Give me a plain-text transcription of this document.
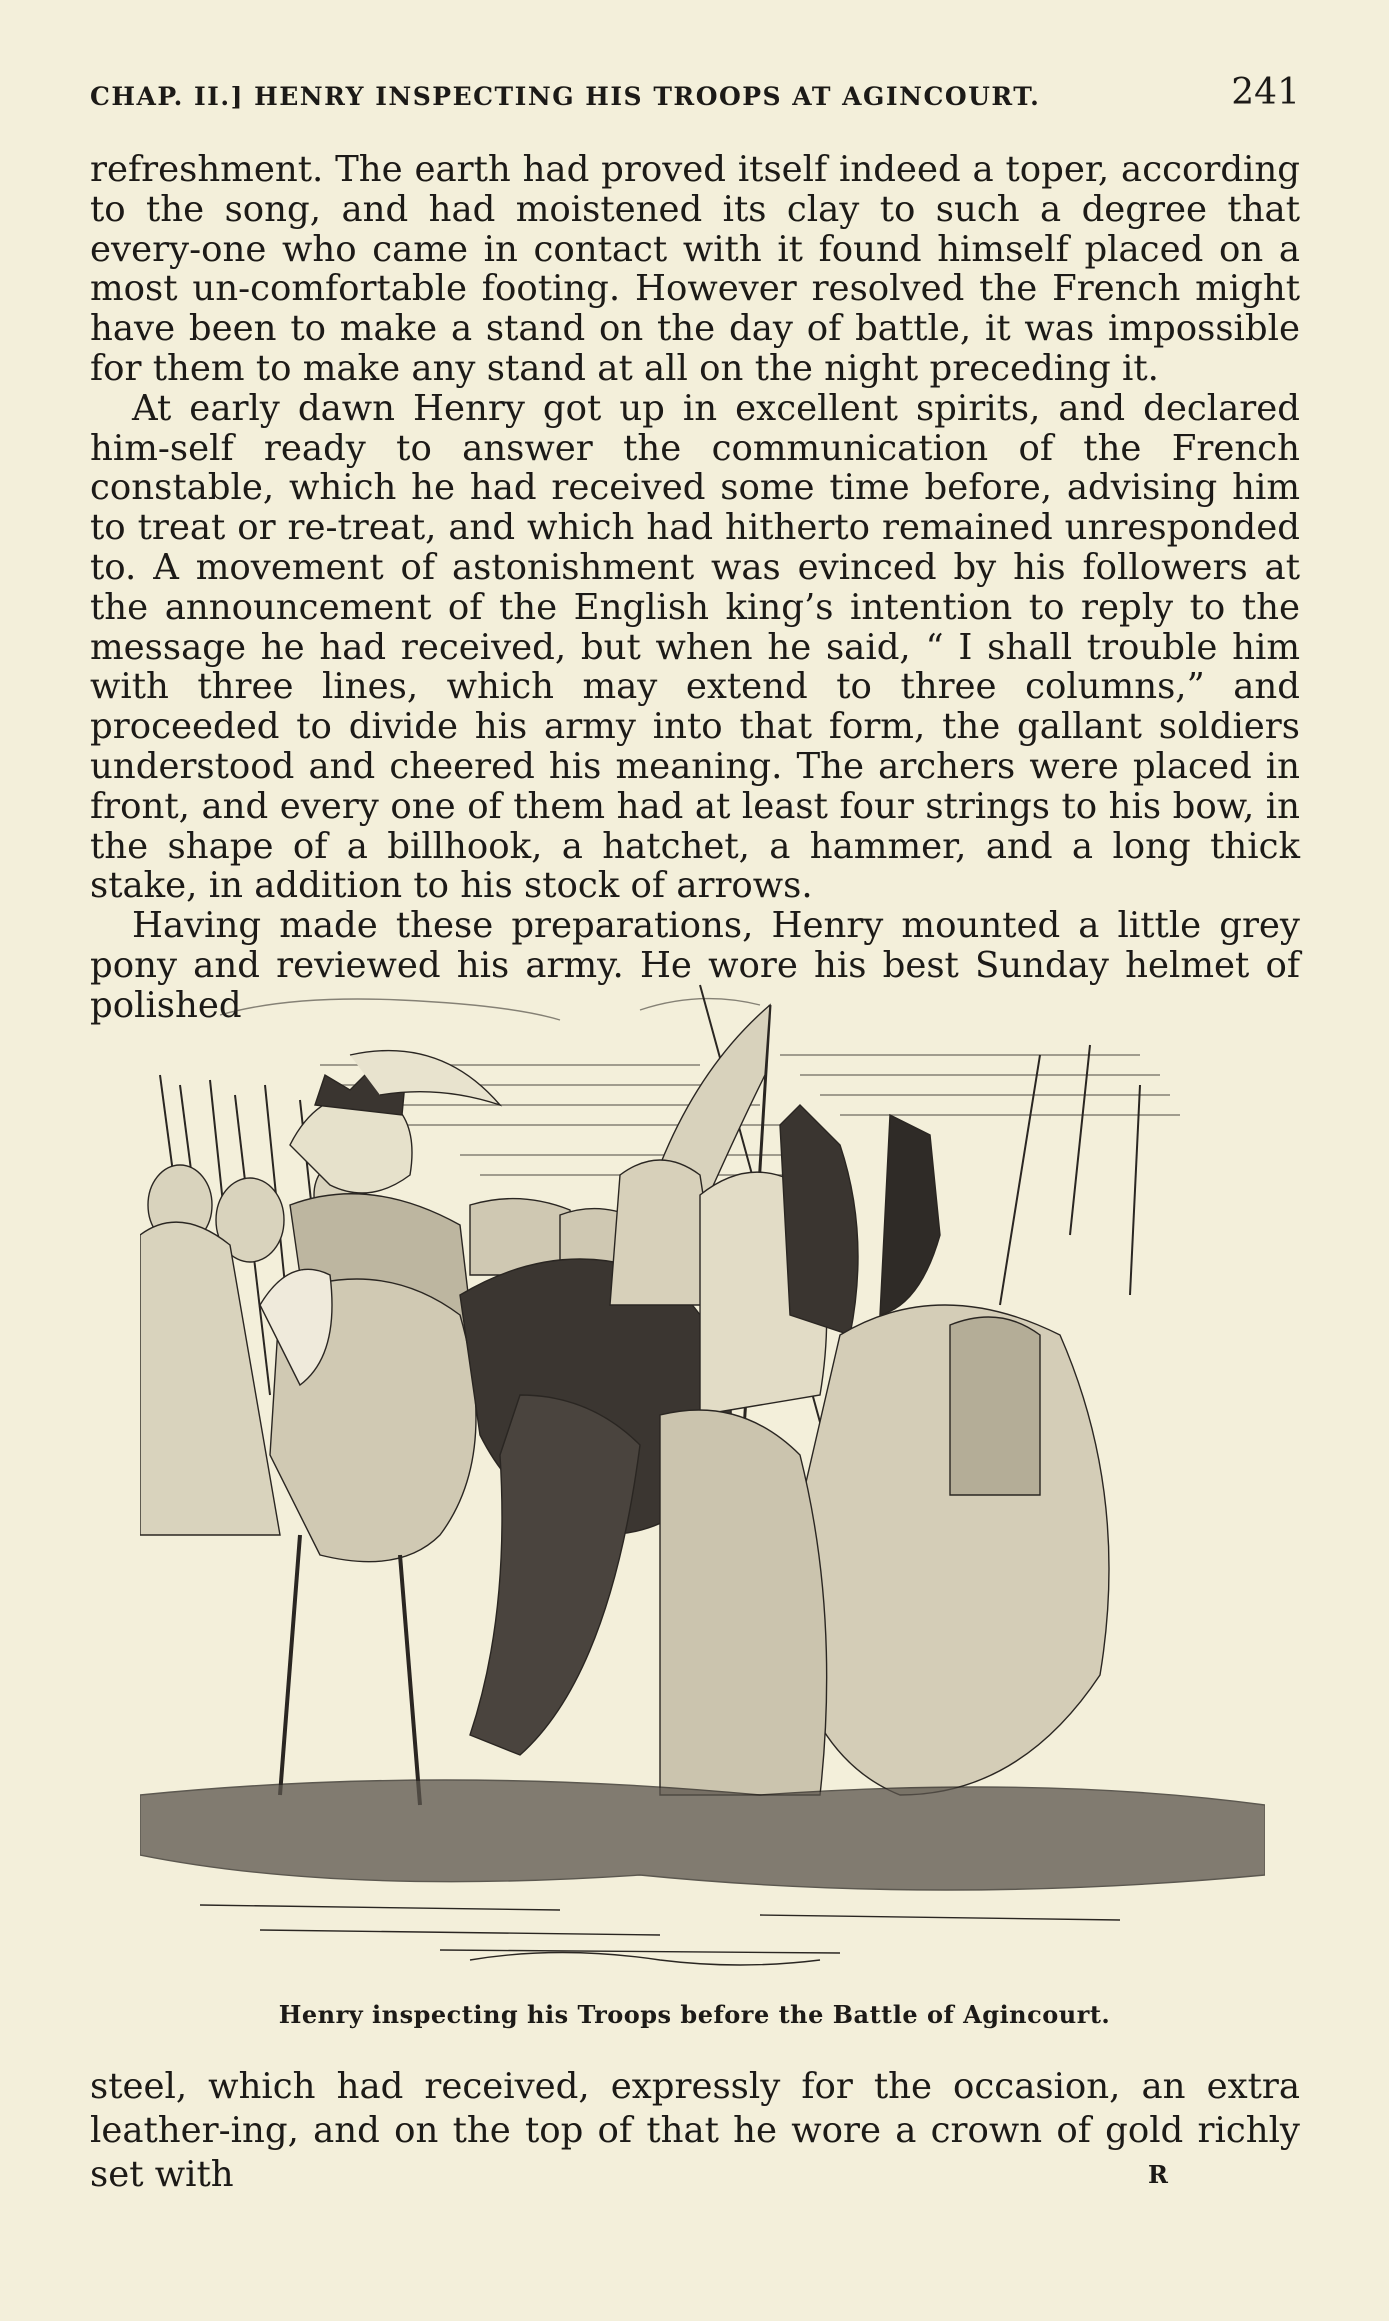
CHAP. II.] HENRY INSPECTING HIS TROOPS AT AGINCOURT.	241

refreshment. The earth had proved itself indeed a toper, according to the song, and had moistened its clay to such a degree that every-one who came in contact with it found himself placed on a most un-comfortable footing. However resolved the French might have been to make a stand on the day of battle, it was impossible for them to make any stand at all on the night preceding it.

At early dawn Henry got up in excellent spirits, and declared him-self ready to answer the communication of the French constable, which he had received some time before, advising him to treat or re-treat, and which had hitherto remained unresponded to. A movement of astonishment was evinced by his followers at the announcement of the English king’s intention to reply to the message he had received, but when he said, “ I shall trouble him with three lines, which may extend to three columns,” and proceeded to divide his army into that form, the gallant soldiers understood and cheered his meaning. The archers were placed in front, and every one of them had at least four strings to his bow, in the shape of a billhook, a hatchet, a hammer, and a long thick stake, in addition to his stock of arrows.

Having made these preparations, Henry mounted a little grey pony and reviewed his army. He wore his best Sunday helmet of polished

Henry inspecting his Troops before the Battle of Agincourt.

steel, which had received, expressly for the occasion, an extra leather-ing, and on the top of that he wore a crown of gold richly set with	R
